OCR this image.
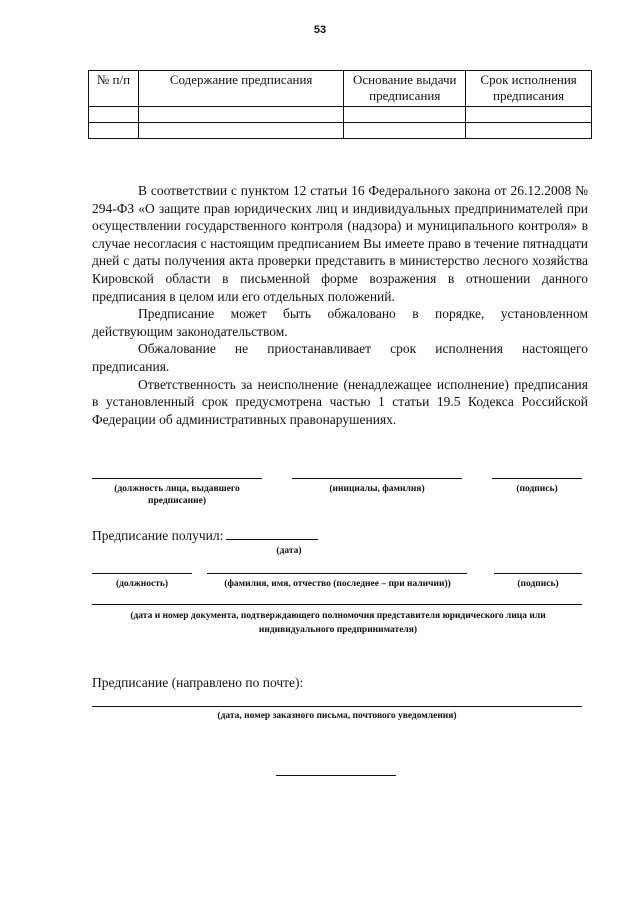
53
№ п/п	Содержание предписания	Основание выдачи предписания	Срок исполнения предписания

В соответствии с пунктом 12 статьи 16 Федерального закона от 26.12.2008 № 294-ФЗ «О защите прав юридических лиц и индивидуальных предпринимателей при осуществлении государственного контроля (надзора) и муниципального контроля» в случае несогласия с настоящим предписанием Вы имеете право в течение пятнадцати дней с даты получения акта проверки представить в министерство лесного хозяйства Кировской области в письменной форме возражения в отношении данного предписания в целом или его отдельных положений.

Предписание может быть обжаловано в порядке, установленном действующим законодательством.

Обжалование не приостанавливает срок исполнения настоящего предписания.

Ответственность за неисполнение (ненадлежащее исполнение) предписания в установленный срок предусмотрена частью 1 статьи 19.5 Кодекса Российской Федерации об административных правонарушениях.

(должность лица, выдавшего предписание)
(инициалы, фамилия)	(подпись)
Предписание получил:
(дата)
(должность)	(фамилия, имя, отчество (последнее – при наличии))	(подпись)
(дата и номер документа, подтверждающего полномочия представителя юридического лица или индивидуального предпринимателя)
Предписание (направлено по почте):
(дата, номер заказного письма, почтового уведомления)
